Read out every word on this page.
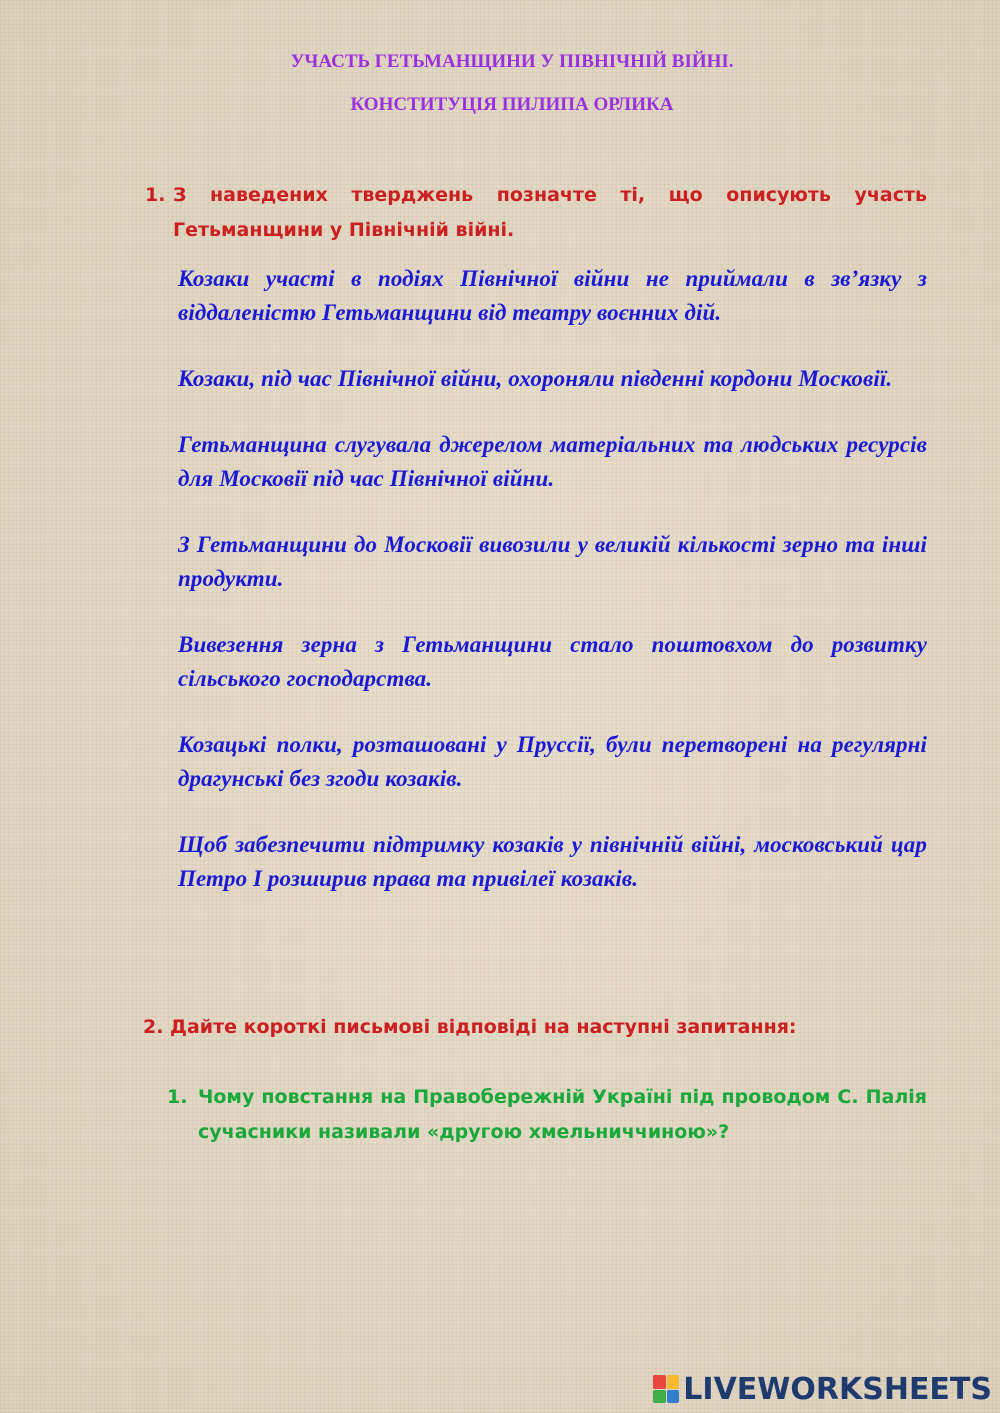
УЧАСТЬ ГЕТЬМАНЩИНИ У ПІВНІЧНІЙ ВІЙНІ.
КОНСТИТУЦІЯ ПИЛИПА ОРЛИКА
1. З наведених тверджень позначте ті, що описують участь
Гетьманщини у Північній війні.
Козаки участі в подіях Північної війни не приймали в зв’язку з віддаленістю Гетьманщини від театру воєнних дій.
Козаки, під час Північної війни, охороняли південні кордони Московії.
Гетьманщина слугувала джерелом матеріальних та людських ресурсів для Московії під час Північної війни.
З Гетьманщини до Московії вивозили у великій кількості зерно та інші продукти.
Вивезення зерна з Гетьманщини стало поштовхом до розвитку сільського господарства.
Козацькі полки, розташовані у Пруссії, були перетворені на регулярні драгунські без згоди козаків.
Щоб забезпечити підтримку козаків у північній війні, московський цар Петро І розширив права та привілеї козаків.
2. Дайте короткі письмові відповіді на наступні запитання:
1. Чому повстання на Правобережній Україні під проводом С. Палія сучасники називали «другою хмельниччиною»?
LIVEWORKSHEETS
